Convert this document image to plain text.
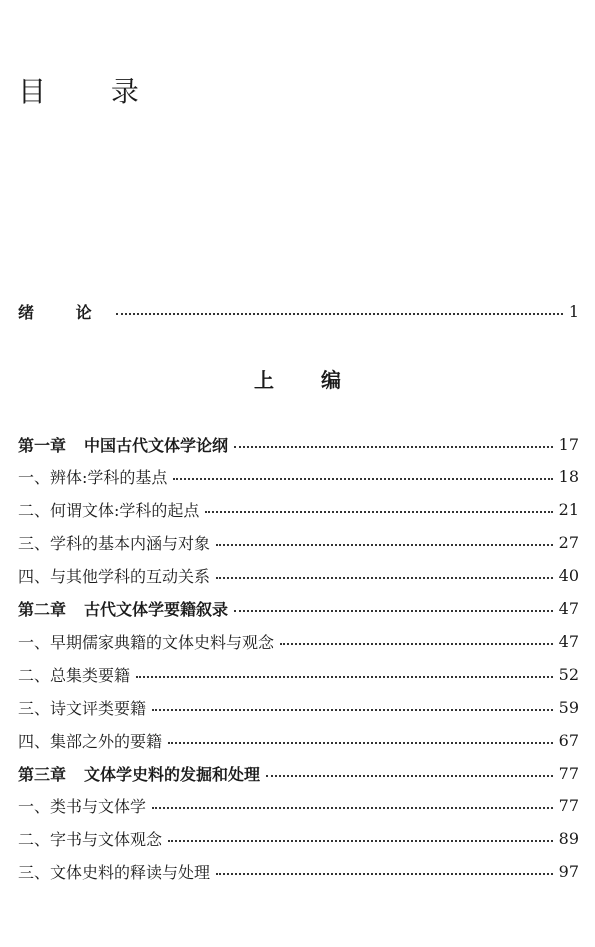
目 录
绪 论	1
上 编
第一章 中国古代文体学论纲	17
一、辨体:学科的基点	18
二、何谓文体:学科的起点	21
三、学科的基本内涵与对象	27
四、与其他学科的互动关系	40
第二章 古代文体学要籍叙录	47
一、早期儒家典籍的文体史料与观念	47
二、总集类要籍	52
三、诗文评类要籍	59
四、集部之外的要籍	67
第三章 文体学史料的发掘和处理	77
一、类书与文体学	77
二、字书与文体观念	89
三、文体史料的释读与处理	97
